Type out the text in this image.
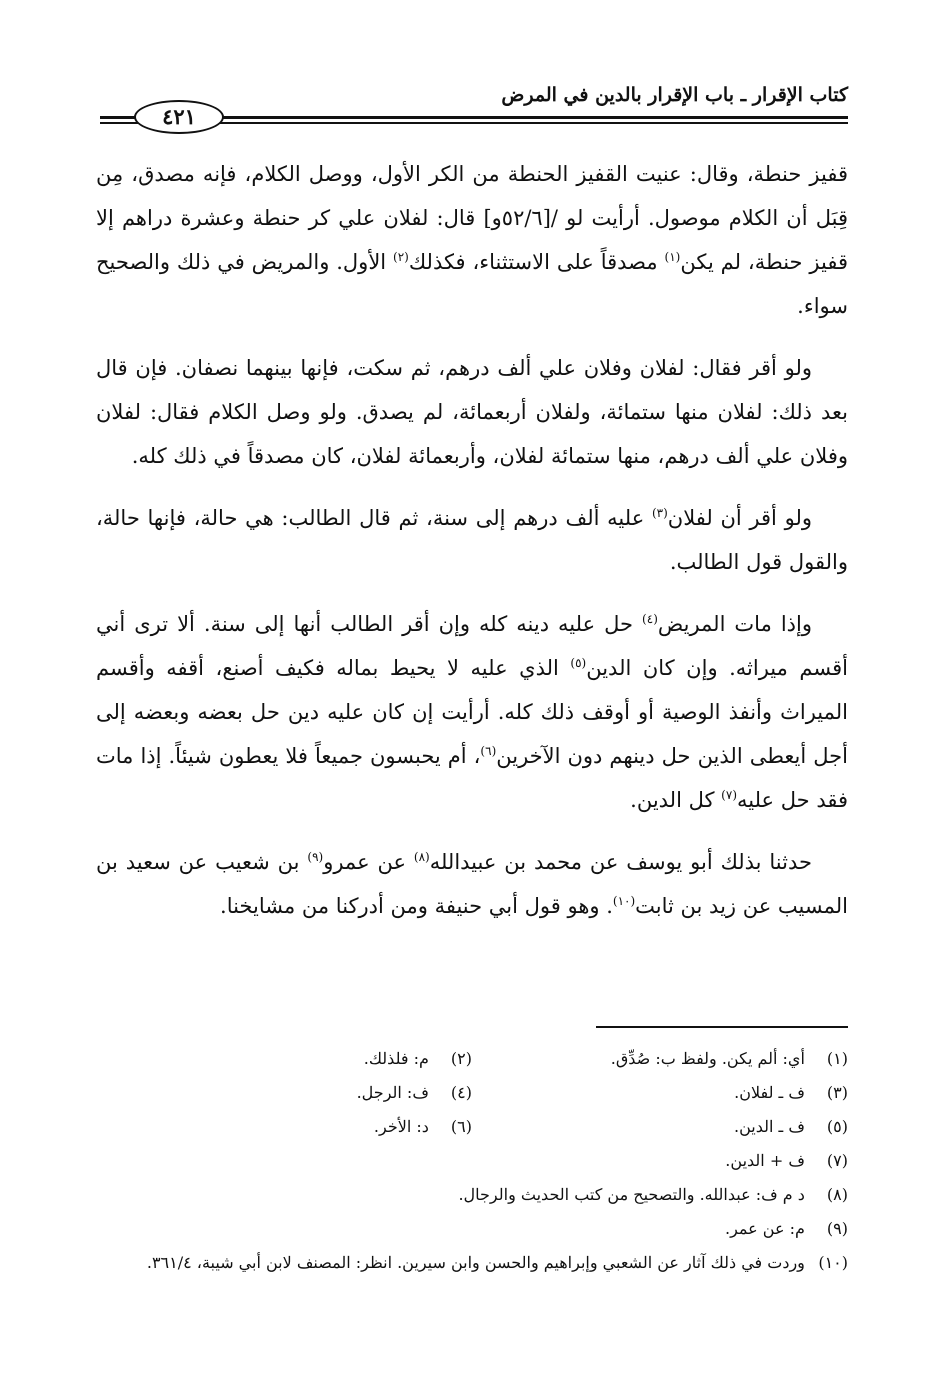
كتاب الإقرار ـ باب الإقرار بالدين في المرض
٤٢١

قفيز حنطة، وقال: عنيت القفيز الحنطة من الكر الأول، ووصل الكلام، فإنه مصدق، مِن قِبَل أن الكلام موصول. أرأيت لو /[٥٢/٦و] قال: لفلان علي كر حنطة وعشرة دراهم إلا قفيز حنطة، لم يكن$^{(١)}$ مصدقاً على الاستثناء، فكذلك$^{(٢)}$ الأول. والمريض في ذلك والصحيح سواء.

ولو أقر فقال: لفلان وفلان علي ألف درهم، ثم سكت، فإنها بينهما نصفان. فإن قال بعد ذلك: لفلان منها ستمائة، ولفلان أربعمائة، لم يصدق. ولو وصل الكلام فقال: لفلان وفلان علي ألف درهم، منها ستمائة لفلان، وأربعمائة لفلان، كان مصدقاً في ذلك كله.

ولو أقر أن لفلان$^{(٣)}$ عليه ألف درهم إلى سنة، ثم قال الطالب: هي حالة، فإنها حالة، والقول قول الطالب.

وإذا مات المريض$^{(٤)}$ حل عليه دينه كله وإن أقر الطالب أنها إلى سنة. ألا ترى أني أقسم ميراثه. وإن كان الدين$^{(٥)}$ الذي عليه لا يحيط بماله فكيف أصنع، أقفه وأقسم الميراث وأنفذ الوصية أو أوقف ذلك كله. أرأيت إن كان عليه دين حل بعضه وبعضه إلى أجل أيعطى الذين حل دينهم دون الآخرين$^{(٦)}$، أم يحبسون جميعاً فلا يعطون شيئاً. إذا مات فقد حل عليه$^{(٧)}$ كل الدين.

حدثنا بذلك أبو يوسف عن محمد بن عبيدالله$^{(٨)}$ عن عمرو$^{(٩)}$ بن شعيب عن سعيد بن المسيب عن زيد بن ثابت$^{(١٠)}$. وهو قول أبي حنيفة ومن أدركنا من مشايخنا.

(١) أي: ألم يكن. ولفظ ب: صُدِّق.
(٢) م: فلذلك.
(٣) ف ـ لفلان.
(٤) ف: الرجل.
(٥) ف ـ الدين.
(٦) د: الأخر.
(٧) ف + الدين.
(٨) د م ف: عبدالله. والتصحيح من كتب الحديث والرجال.
(٩) م: عن عمر.
(١٠) وردت في ذلك آثار عن الشعبي وإبراهيم والحسن وابن سيرين. انظر: المصنف لابن أبي شيبة، ٣٦١/٤.
